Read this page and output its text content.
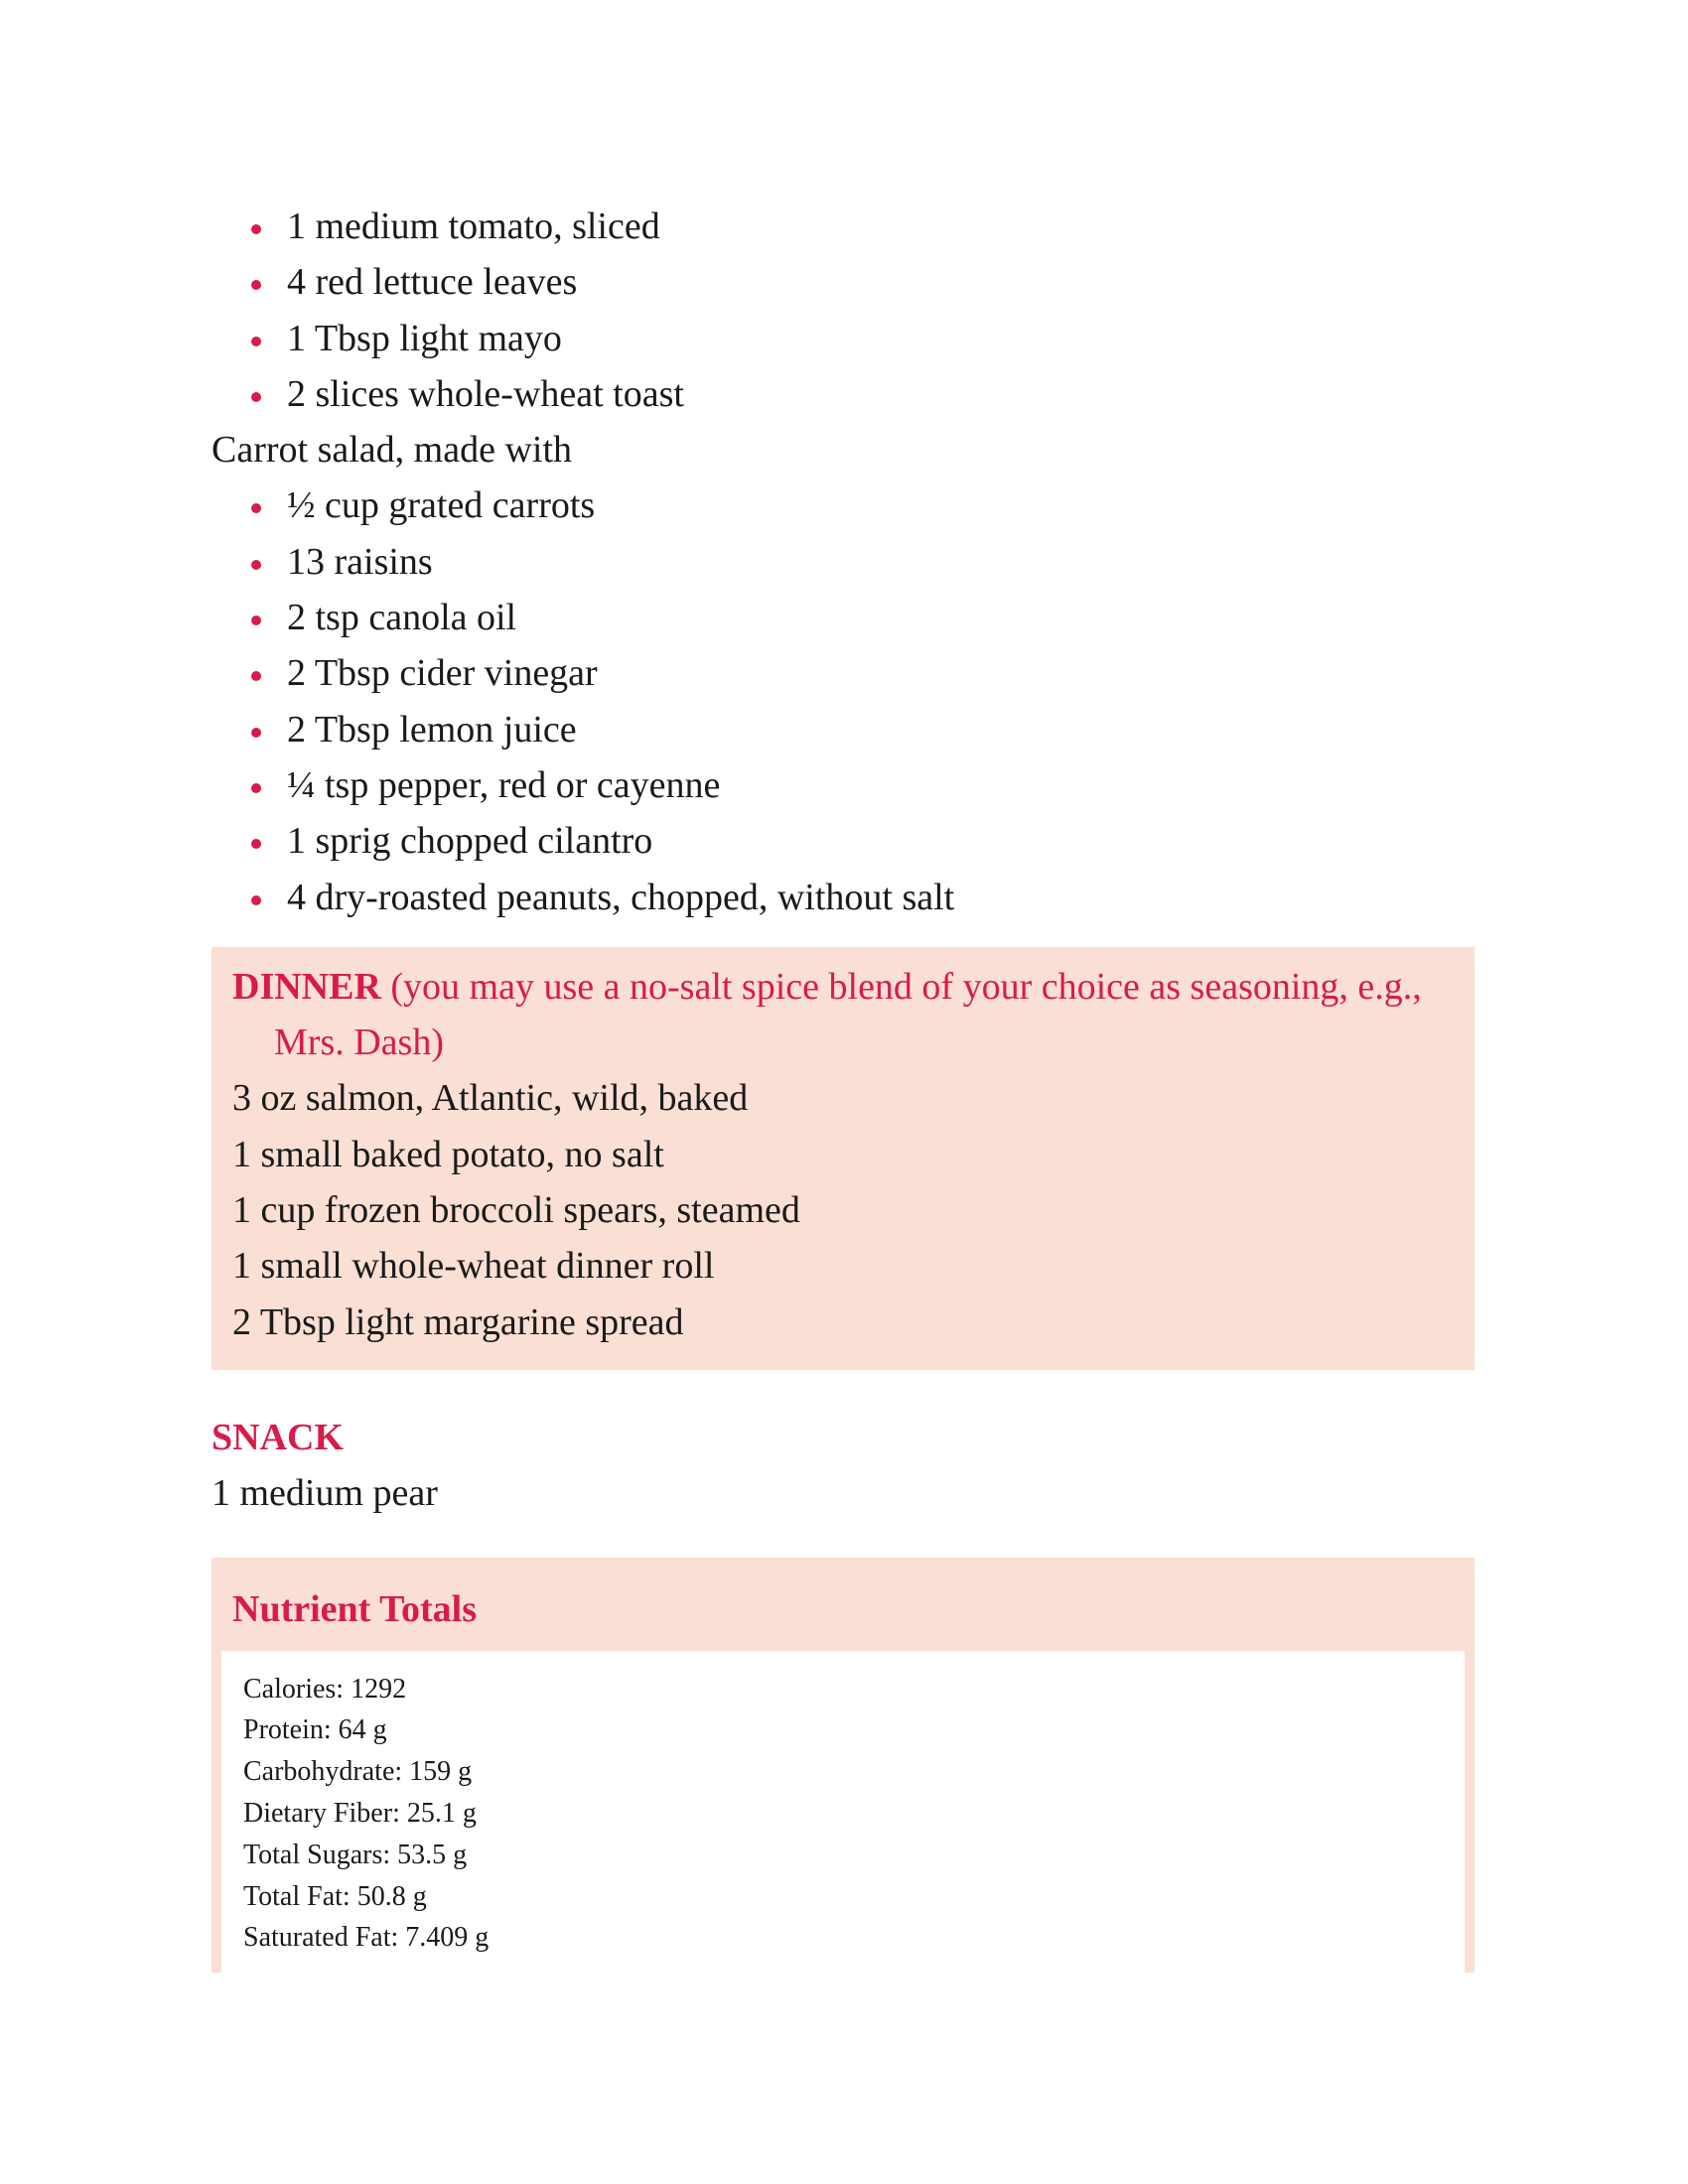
1 medium tomato, sliced
4 red lettuce leaves
1 Tbsp light mayo
2 slices whole-wheat toast
Carrot salad, made with
½ cup grated carrots
13 raisins
2 tsp canola oil
2 Tbsp cider vinegar
2 Tbsp lemon juice
¼ tsp pepper, red or cayenne
1 sprig chopped cilantro
4 dry-roasted peanuts, chopped, without salt
DINNER (you may use a no-salt spice blend of your choice as seasoning, e.g., Mrs. Dash)
3 oz salmon, Atlantic, wild, baked
1 small baked potato, no salt
1 cup frozen broccoli spears, steamed
1 small whole-wheat dinner roll
2 Tbsp light margarine spread
SNACK
1 medium pear
Nutrient Totals
Calories: 1292
Protein: 64 g
Carbohydrate: 159 g
Dietary Fiber: 25.1 g
Total Sugars: 53.5 g
Total Fat: 50.8 g
Saturated Fat: 7.409 g
